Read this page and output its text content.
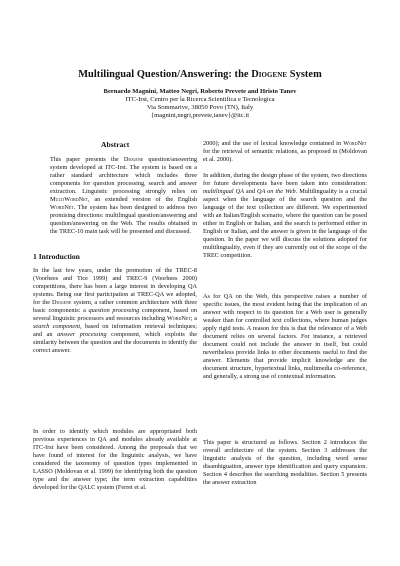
Multilingual Question/Answering: the Diogene System
Bernardo Magnini, Matteo Negri, Roberto Prevete and Hristo Tanev
ITC-Irst, Centro per la Ricerca Scientifica e Tecnologica
Via Sommarive, 38050 Povo (TN), Italy
{magnini,negri,prevete,tanev}@itc.it
Abstract

This paper presents the Diogene question/answering system developed at ITC-Irst. The system is based on a rather standard architecture which includes three components for question processing, search and answer extraction. Linguistic processing strongly relies on MultiWordNet, an extended version of the English WordNet. The system has been designed to address two promising directions: multilingual question/answering and question/answering on the Web. The results obtained in the TREC-10 main task will be presented and discussed.

1 Introduction

In the last few years, under the promotion of the TREC-8 (Voorhees and Tice 1999) and TREC-9 (Voorhees 2000) competitions, there has been a large interest in developing QA systems. Being our first participation at TREC-QA we adopted, for the Diogene system, a rather common architecture with three basic components: a question processing component, based on several linguistic processors and resources including WordNet; a search component, based on information retrieval techniques; and an answer processing component, which exploits the similarity between the question and the documents to identify the correct answer.

In order to identify which modules are appropriated both previous experiences in QA and modules already available at ITC-Irst have been considered. Among the proposals that we have found of interest for the linguistic analysis, we have considered the taxonomy of question types implemented in LASSO (Moldovan et al. 1999) for identifying both the question type and the answer type; the term extraction capabilities developed for the QALC system (Ferret et al.

2000); and the use of lexical knowledge contained in WordNet for the retrieval of semantic relations, as proposed in (Moldovan et al. 2000).

In addition, during the design phase of the system, two directions for future developments have been taken into consideration: multilingual QA and QA on the Web. Multilinguality is a crucial aspect when the language of the search question and the language of the text collection are different. We experimented with an Italian/English scenario, where the question can be posed either in English or Italian, and the search is performed either in English or Italian, and the answer is given in the language of the question. In the paper we will discuss the solutions adopted for multilinguality, even if they are currently out of the scope of the TREC competition.

As for QA on the Web, this perspective raises a number of specific issues, the most evident being that the implication of an answer with respect to its question for a Web user is generally weaker than for controlled text collections, where human judges apply rigid tests. A reason for this is that the relevance of a Web document relies on several factors. For instance, a retrieved document could not include the answer in itself, but could nevertheless provide links to other documents useful to find the answer. Elements that provide implicit knowledge are the document structure, hypertextual links, multimedia co-reference, and generally, a strong use of contextual information.

This paper is structured as follows. Section 2 introduces the overall architecture of the system. Section 3 addresses the linguistic analysis of the question, including word sense disambiguation, answer type identification and query expansion. Section 4 describes the searching modalities. Section 5 presents the answer extraction
